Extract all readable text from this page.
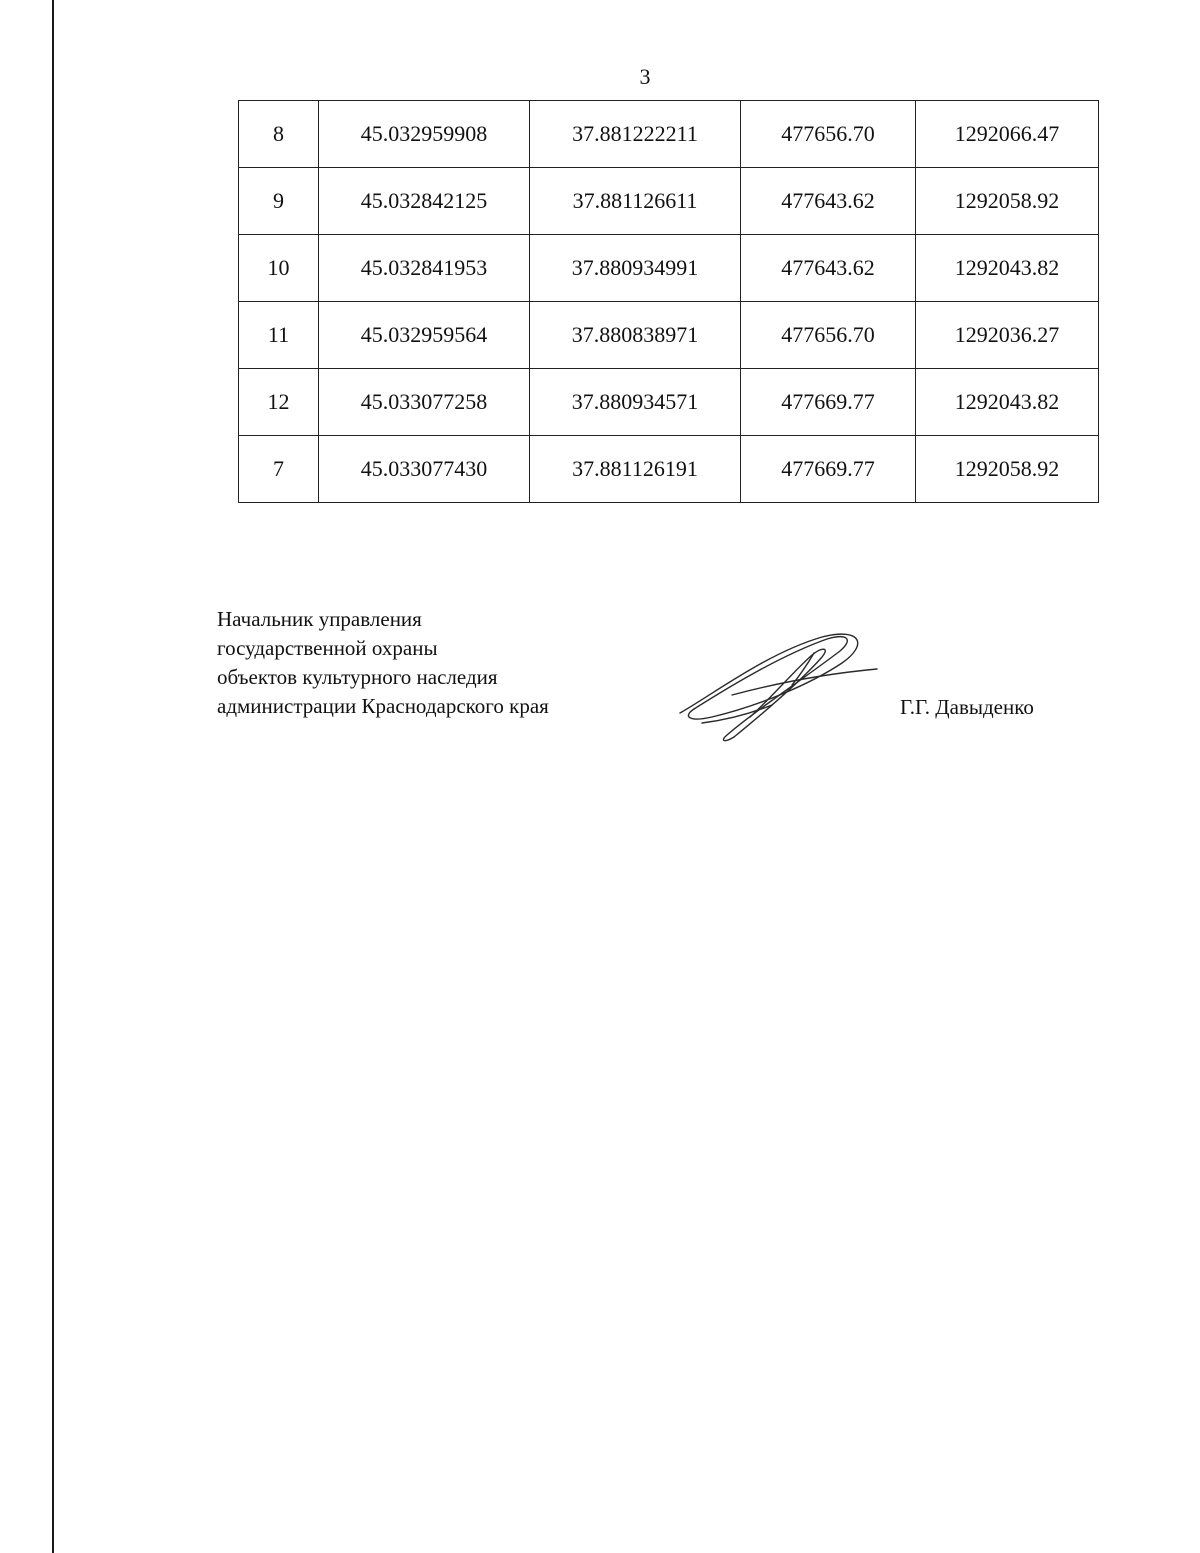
3
8	45.032959908	37.881222211	477656.70	1292066.47
9	45.032842125	37.881126611	477643.62	1292058.92
10	45.032841953	37.880934991	477643.62	1292043.82
11	45.032959564	37.880838971	477656.70	1292036.27
12	45.033077258	37.880934571	477669.77	1292043.82
7	45.033077430	37.881126191	477669.77	1292058.92
Начальник управления
государственной охраны
объектов культурного наследия
администрации Краснодарского края	Г.Г. Давыденко
